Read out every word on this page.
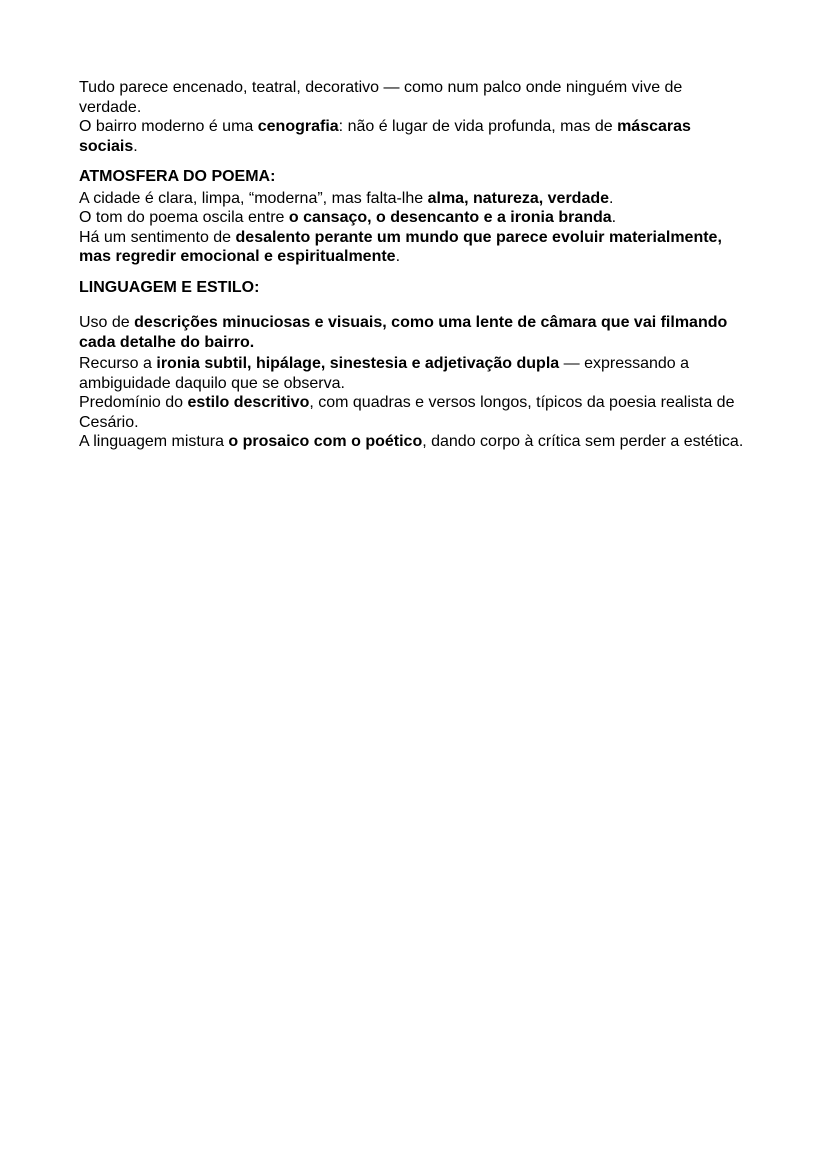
Tudo parece encenado, teatral, decorativo — como num palco onde ninguém vive de verdade.

O bairro moderno é uma cenografia: não é lugar de vida profunda, mas de máscaras sociais.

ATMOSFERA DO POEMA:

A cidade é clara, limpa, “moderna”, mas falta-lhe alma, natureza, verdade.

O tom do poema oscila entre o cansaço, o desencanto e a ironia branda.

Há um sentimento de desalento perante um mundo que parece evoluir materialmente, mas regredir emocional e espiritualmente.

LINGUAGEM E ESTILO:

Uso de descrições minuciosas e visuais, como uma lente de câmara que vai filmando cada detalhe do bairro.

Recurso a ironia subtil, hipálage, sinestesia e adjetivação dupla — expressando a ambiguidade daquilo que se observa.

Predomínio do estilo descritivo, com quadras e versos longos, típicos da poesia realista de Cesário.

A linguagem mistura o prosaico com o poético, dando corpo à crítica sem perder a estética.
